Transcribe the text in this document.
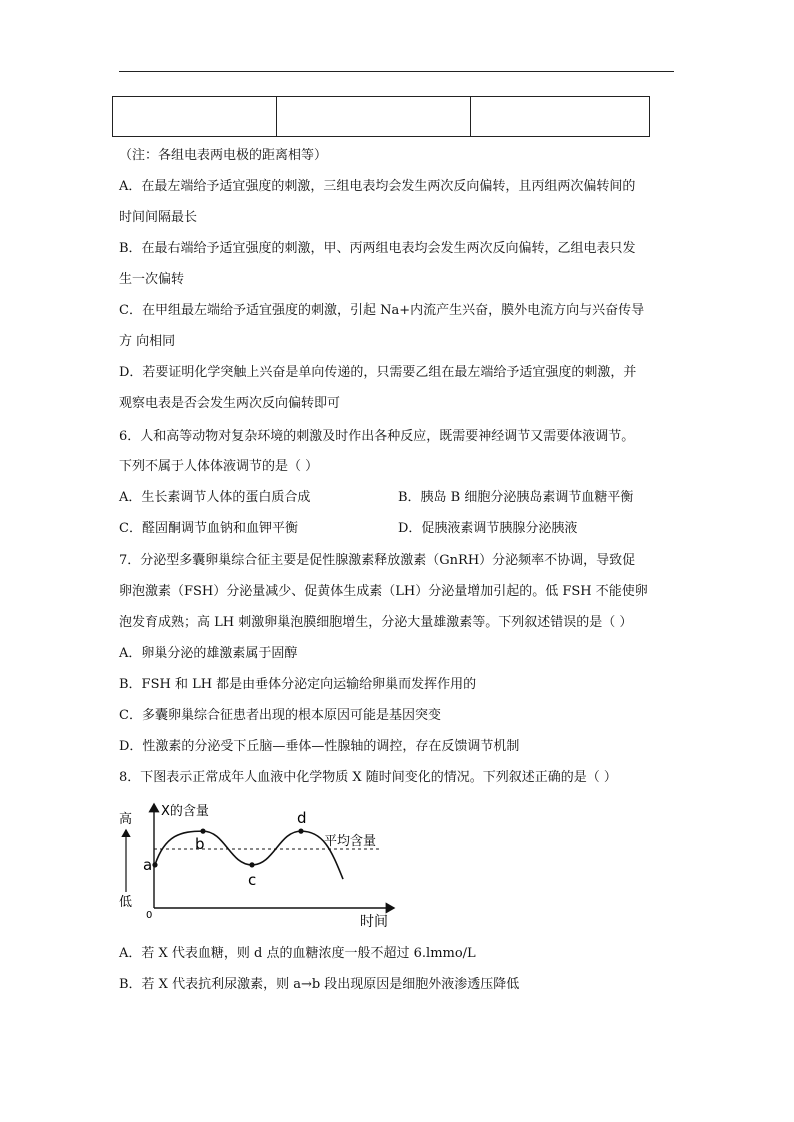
（注：各组电表两电极的距离相等）
A．在最左端给予适宜强度的刺激，三组电表均会发生两次反向偏转，且丙组两次偏转间的
时间间隔最长
B．在最右端给予适宜强度的刺激，甲、丙两组电表均会发生两次反向偏转，乙组电表只发
生一次偏转
C．在甲组最左端给予适宜强度的刺激，引起 Na+内流产生兴奋，膜外电流方向与兴奋传导
方 向相同
D．若要证明化学突触上兴奋是单向传递的，只需要乙组在最左端给予适宜强度的刺激，并
观察电表是否会发生两次反向偏转即可
6．人和高等动物对复杂环境的刺激及时作出各种反应，既需要神经调节又需要体液调节。
下列不属于人体体液调节的是（ ）
A．生长素调节人体的蛋白质合成	B．胰岛 B 细胞分泌胰岛素调节血糖平衡
C．醛固酮调节血钠和血钾平衡	D．促胰液素调节胰腺分泌胰液
7．分泌型多囊卵巢综合征主要是促性腺激素释放激素（GnRH）分泌频率不协调，导致促
卵泡激素（FSH）分泌量减少、促黄体生成素（LH）分泌量增加引起的。低 FSH 不能使卵
泡发育成熟；高 LH 刺激卵巢泡膜细胞增生，分泌大量雄激素等。下列叙述错误的是（ ）
A．卵巢分泌的雄激素属于固醇
B．FSH 和 LH 都是由垂体分泌定向运输给卵巢而发挥作用的
C．多囊卵巢综合征患者出现的根本原因可能是基因突变
D．性激素的分泌受下丘脑—垂体—性腺轴的调控，存在反馈调节机制
8．下图表示正常成年人血液中化学物质 X 随时间变化的情况。下列叙述正确的是（ ）
高
低
X的含量
0	时间
平均含量
a
b
c
d
A．若 X 代表血糖，则 d 点的血糖浓度一般不超过 6.lmmo/L
B．若 X 代表抗利尿激素，则 a→b 段出现原因是细胞外液渗透压降低
